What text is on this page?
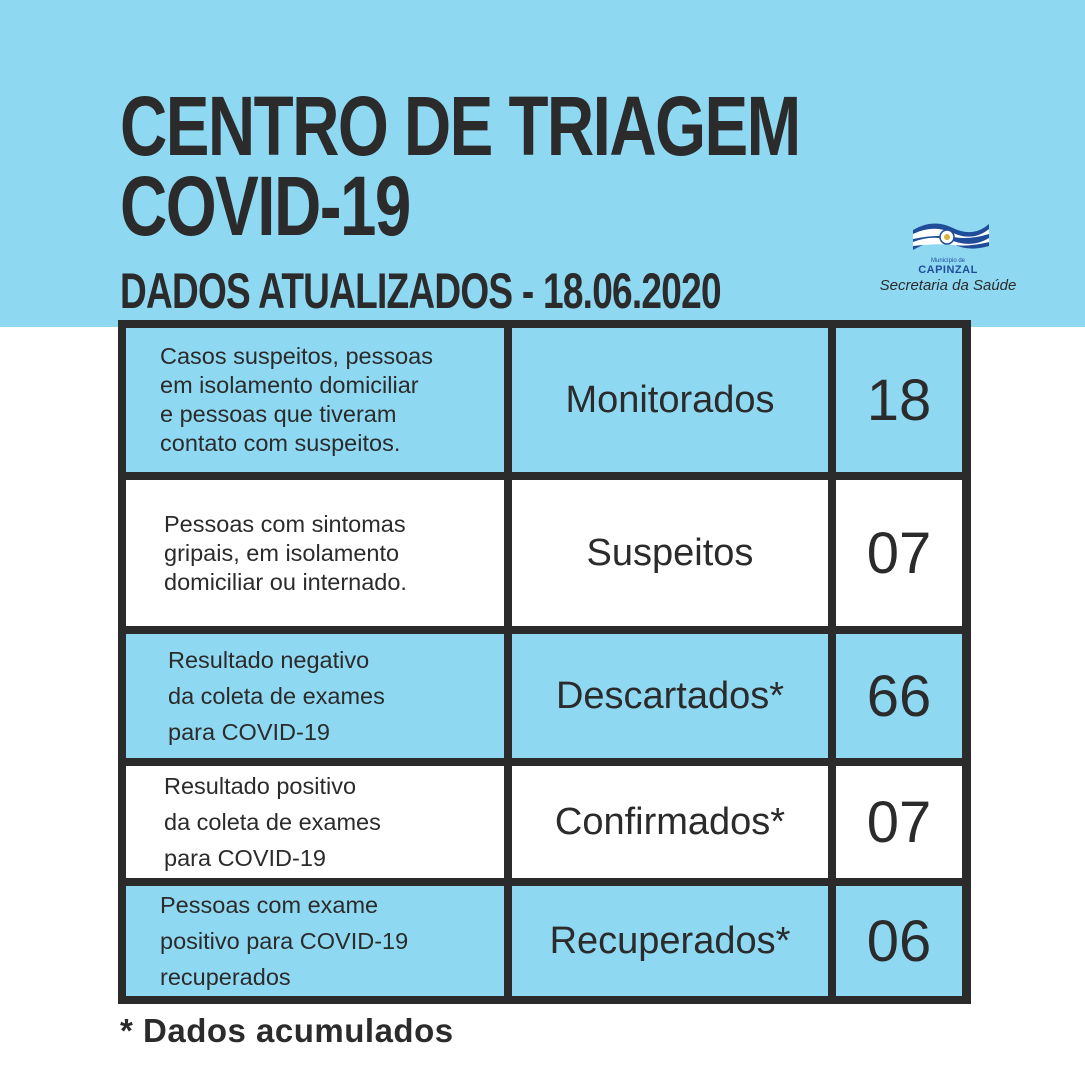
CENTRO DE TRIAGEM
COVID-19
DADOS ATUALIZADOS - 18.06.2020
Município de
CAPINZAL
Secretaria da Saúde
Casos suspeitos, pessoas
em isolamento domiciliar
e pessoas que tiveram
contato com suspeitos.
Monitorados	18
Pessoas com sintomas
gripais, em isolamento
domiciliar ou internado.
Suspeitos	07
Resultado negativo
da coleta de exames
para COVID-19
Descartados*	66
Resultado positivo
da coleta de exames
para COVID-19
Confirmados*	07
Pessoas com exame
positivo para COVID-19
recuperados
Recuperados*	06
* Dados acumulados
